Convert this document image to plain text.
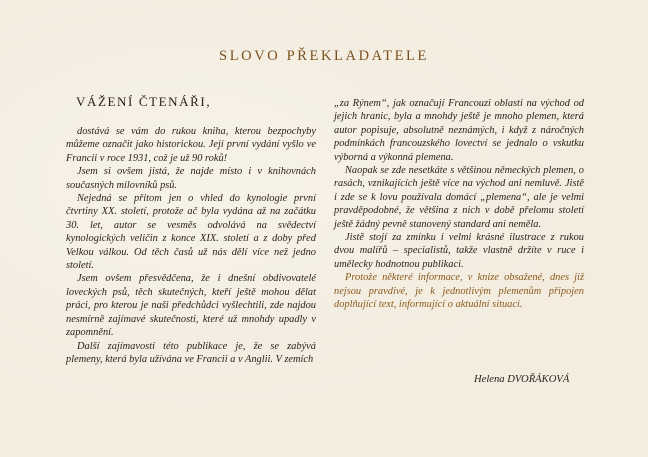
SLOVO PŘEKLADATELE
VÁŽENÍ ČTENÁŘI,

dostává se vám do rukou kniha, kterou bezpochyby můžeme označit jako historickou. Její první vydání vyšlo ve Francii v roce 1931, což je už 90 roků!

Jsem si ovšem jistá, že najde místo i v knihovnách současných milovníků psů.

Nejedná se přitom jen o vhled do kynologie první čtvrtiny XX. století, protože ač byla vydána až na začátku 30. let, autor se vesměs odvolává na svědectví kynologických veličin z konce XIX. století a z doby před Velkou válkou. Od těch časů už nás dělí více než jedno století.

Jsem ovšem přesvědčena, že i dnešní obdivovatelé loveckých psů, těch skutečných, kteří ještě mohou dělat práci, pro kterou je naši předchůdci vyšlechtili, zde najdou nesmírně zajímavé skutečnosti, které už mnohdy upadly v zapomnění.

Další zajímavostí této publikace je, že se zabývá plemeny, která byla užívána ve Francii a v Anglii. V zemích

„za Rýnem“, jak označují Francouzi oblasti na východ od jejich hranic, byla a mnohdy ještě je mnoho plemen, která autor popisuje, absolutně neznámých, i když z náročných podmínkách francouzského lovectví se jednalo o vskutku výborná a výkonná plemena.

Naopak se zde nesetkáte s většinou německých plemen, o rasách, vznikajících ještě více na východ ani nemluvě. Jistě i zde se k lovu používala domácí „plemena“, ale je velmi pravděpodobné, že většina z nich v době přelomu století ještě žádný pevně stanovený standard ani neměla.

Jistě stojí za zmínku i velmi krásné ilustrace z rukou dvou malířů – specialistů, takže vlastně držíte v ruce i umělecky hodnotnou publikaci.

Protože některé informace, v knize obsažené, dnes již nejsou pravdivé, je k jednotlivým plemenům připojen doplňující text, informující o aktuální situaci.

Helena DVOŘÁKOVÁ
